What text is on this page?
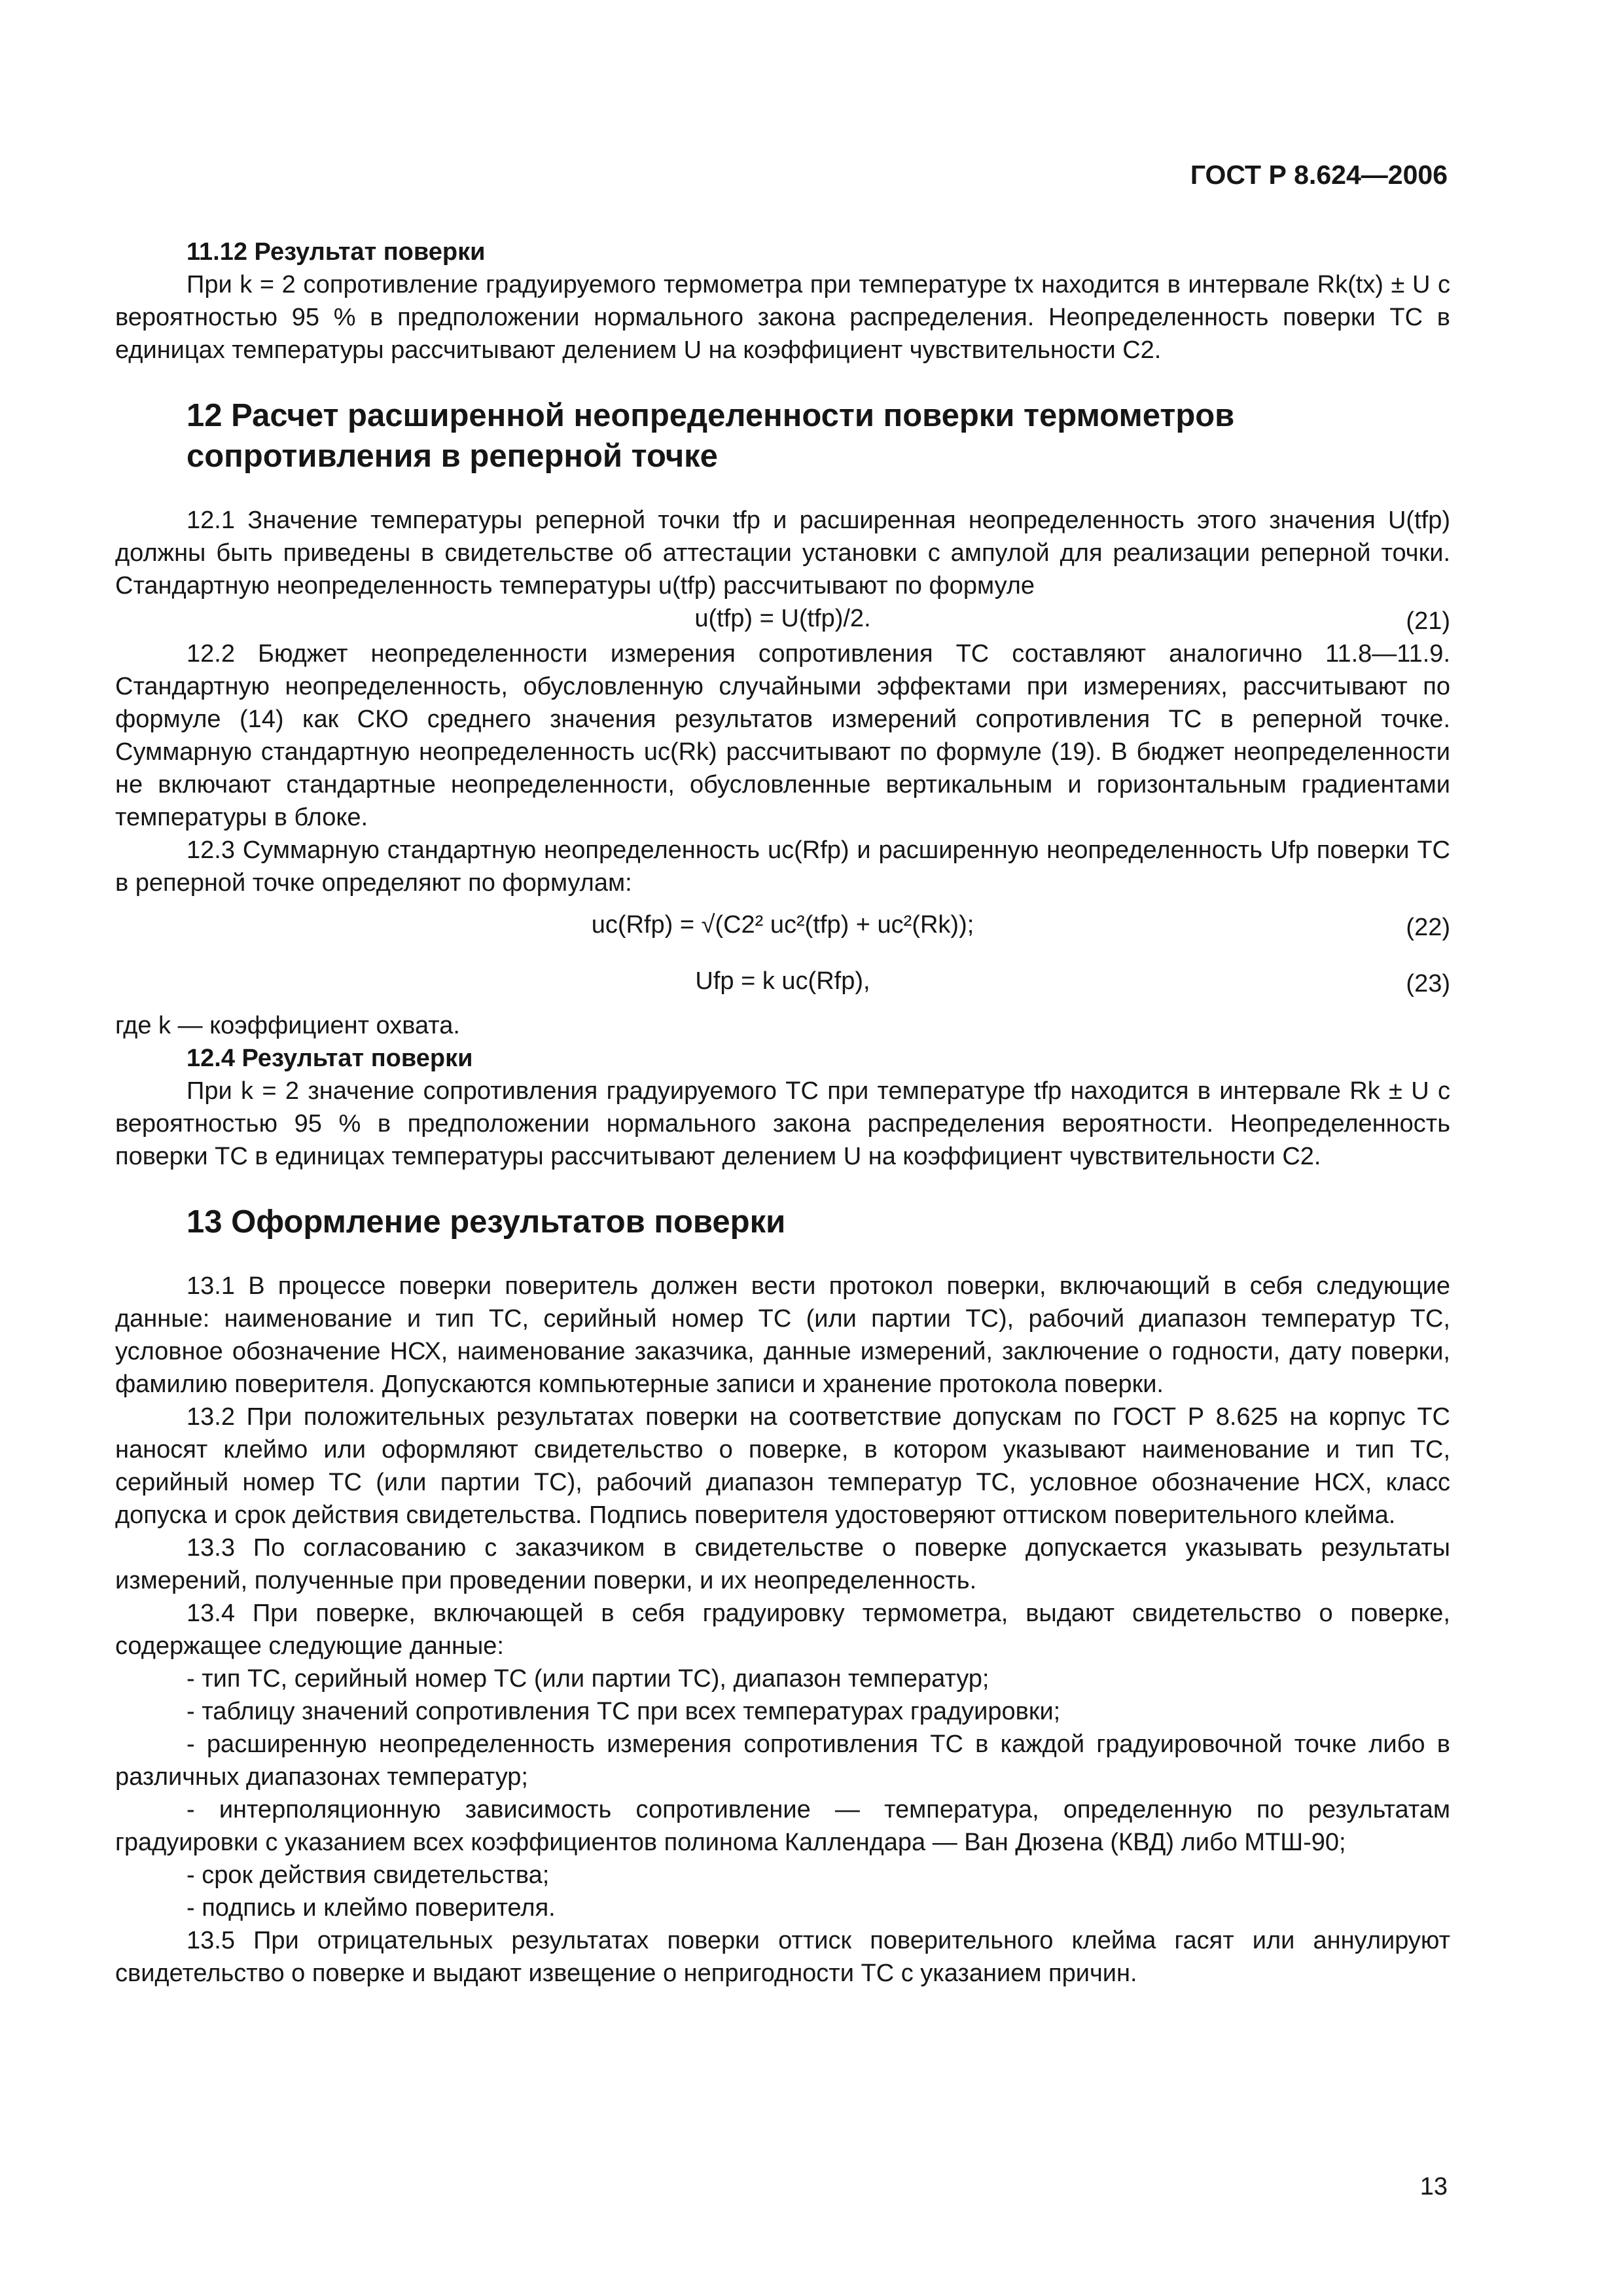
ГОСТ Р 8.624—2006
11.12 Результат поверки

При k = 2 сопротивление градуируемого термометра при температуре tx находится в интервале Rk(tx) ± U с вероятностью 95 % в предположении нормального закона распределения. Неопределенность поверки ТС в единицах температуры рассчитывают делением U на коэффициент чувствительности C2.

12 Расчет расширенной неопределенности поверки термометров сопротивления в реперной точке

12.1 Значение температуры реперной точки tfp и расширенная неопределенность этого значения U(tfp) должны быть приведены в свидетельстве об аттестации установки с ампулой для реализации реперной точки. Стандартную неопределенность температуры u(tfp) рассчитывают по формуле

u(tfp) = U(tfp)/2.	(21)

12.2 Бюджет неопределенности измерения сопротивления ТС составляют аналогично 11.8—11.9. Стандартную неопределенность, обусловленную случайными эффектами при измерениях, рассчитывают по формуле (14) как СКО среднего значения результатов измерений сопротивления ТС в реперной точке. Суммарную стандартную неопределенность uc(Rk) рассчитывают по формуле (19). В бюджет неопределенности не включают стандартные неопределенности, обусловленные вертикальным и горизонтальным градиентами температуры в блоке.

12.3 Суммарную стандартную неопределенность uc(Rfp) и расширенную неопределенность Ufp поверки ТС в реперной точке определяют по формулам:

uc(Rfp) = √(C2² uc²(tfp) + uc²(Rk));	(22)
Ufp = k uc(Rfp),	(23)

где k — коэффициент охвата.

12.4 Результат поверки

При k = 2 значение сопротивления градуируемого ТС при температуре tfp находится в интервале Rk ± U с вероятностью 95 % в предположении нормального закона распределения вероятности. Неопределенность поверки ТС в единицах температуры рассчитывают делением U на коэффициент чувствительности C2.

13 Оформление результатов поверки

13.1 В процессе поверки поверитель должен вести протокол поверки, включающий в себя следующие данные: наименование и тип ТС, серийный номер ТС (или партии ТС), рабочий диапазон температур ТС, условное обозначение НСХ, наименование заказчика, данные измерений, заключение о годности, дату поверки, фамилию поверителя. Допускаются компьютерные записи и хранение протокола поверки.

13.2 При положительных результатах поверки на соответствие допускам по ГОСТ Р 8.625 на корпус ТС наносят клеймо или оформляют свидетельство о поверке, в котором указывают наименование и тип ТС, серийный номер ТС (или партии ТС), рабочий диапазон температур ТС, условное обозначение НСХ, класс допуска и срок действия свидетельства. Подпись поверителя удостоверяют оттиском поверительного клейма.

13.3 По согласованию с заказчиком в свидетельстве о поверке допускается указывать результаты измерений, полученные при проведении поверки, и их неопределенность.

13.4 При поверке, включающей в себя градуировку термометра, выдают свидетельство о поверке, содержащее следующие данные:

- тип ТС, серийный номер ТС (или партии ТС), диапазон температур;

- таблицу значений сопротивления ТС при всех температурах градуировки;

- расширенную неопределенность измерения сопротивления ТС в каждой градуировочной точке либо в различных диапазонах температур;

- интерполяционную зависимость сопротивление — температура, определенную по результатам градуировки с указанием всех коэффициентов полинома Каллендара — Ван Дюзена (КВД) либо МТШ-90;

- срок действия свидетельства;

- подпись и клеймо поверителя.

13.5 При отрицательных результатах поверки оттиск поверительного клейма гасят или аннулируют свидетельство о поверке и выдают извещение о непригодности ТС с указанием причин.

13
